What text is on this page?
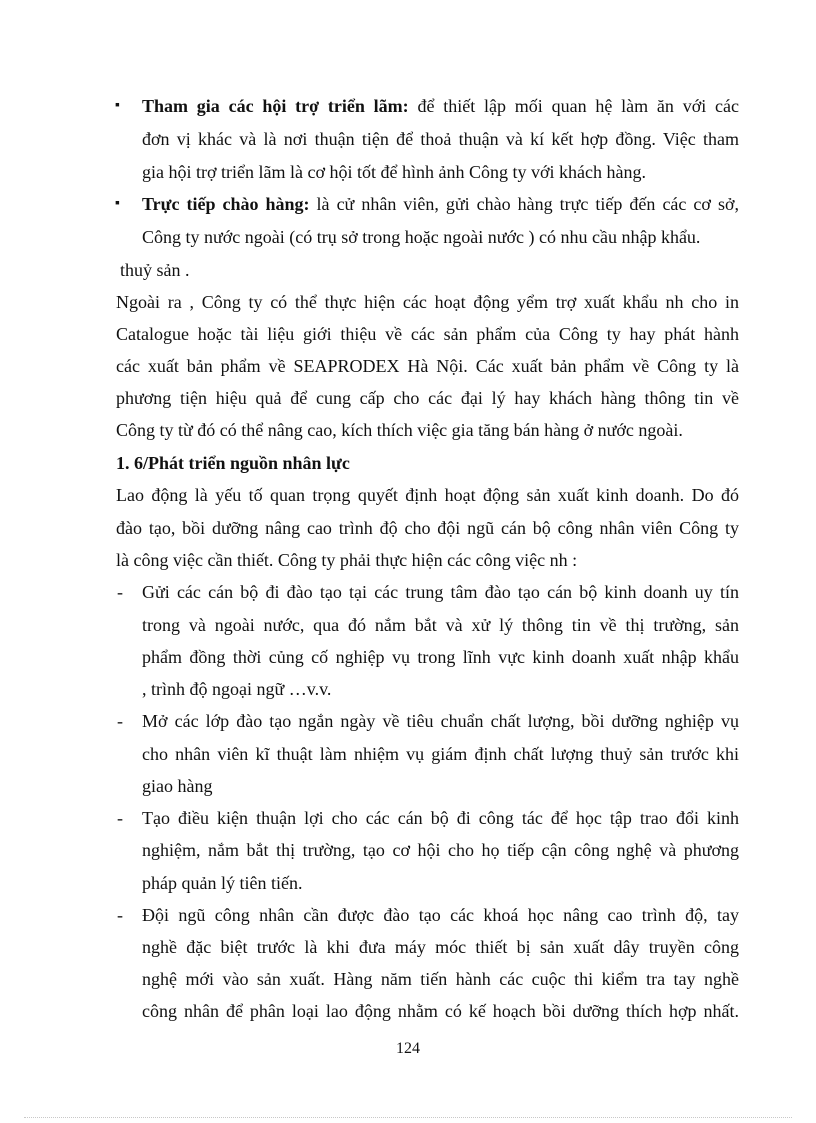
▪ Tham gia các hội trợ triển lãm: để thiết lập mối quan hệ làm ăn với các
đơn vị khác và là nơi thuận tiện để thoả thuận và kí kết hợp đồng. Việc tham
gia hội trợ triển lãm là cơ hội tốt để hình ảnh Công ty với khách hàng.
▪ Trực tiếp chào hàng: là cử nhân viên, gửi chào hàng trực tiếp đến các cơ sở,
Công ty nước ngoài (có trụ sở trong hoặc ngoài nước ) có nhu cầu nhập khẩu.
thuỷ sản .
Ngoài ra , Công ty có thể thực hiện các hoạt động yểm trợ xuất khẩu nh cho in
Catalogue hoặc tài liệu giới thiệu về các sản phẩm của Công ty hay phát hành
các xuất bản phẩm về SEAPRODEX Hà Nội. Các xuất bản phẩm về Công ty là
phương tiện hiệu quả để cung cấp cho các đại lý hay khách hàng thông tin về
Công ty từ đó có thể nâng cao, kích thích việc gia tăng bán hàng ở nước ngoài.
1. 6/Phát triển nguồn nhân lực
Lao động là yếu tố quan trọng quyết định hoạt động sản xuất kinh doanh. Do đó
đào tạo, bồi dưỡng nâng cao trình độ cho đội ngũ cán bộ công nhân viên Công ty
là công việc cần thiết. Công ty phải thực hiện các công việc nh :
- Gửi các cán bộ đi đào tạo tại các trung tâm đào tạo cán bộ kinh doanh uy tín
trong và ngoài nước, qua đó nắm bắt và xử lý thông tin về thị trường, sản
phẩm đồng thời củng cố nghiệp vụ trong lĩnh vực kinh doanh xuất nhập khẩu
, trình độ ngoại ngữ …v.v.
- Mở các lớp đào tạo ngắn ngày về tiêu chuẩn chất lượng, bồi dưỡng nghiệp vụ
cho nhân viên kĩ thuật làm nhiệm vụ giám định chất lượng thuỷ sản trước khi
giao hàng
- Tạo điều kiện thuận lợi cho các cán bộ đi công tác để học tập trao đổi kinh
nghiệm, nắm bắt thị trường, tạo cơ hội cho họ tiếp cận công nghệ và phương
pháp quản lý tiên tiến.
- Đội ngũ công nhân cần được đào tạo các khoá học nâng cao trình độ, tay
nghề đặc biệt trước là khi đưa máy móc thiết bị sản xuất dây truyền công
nghệ mới vào sản xuất. Hàng năm tiến hành các cuộc thi kiểm tra tay nghề
công nhân để phân loại lao động nhằm có kế hoạch bồi dưỡng thích hợp nhất.
124
